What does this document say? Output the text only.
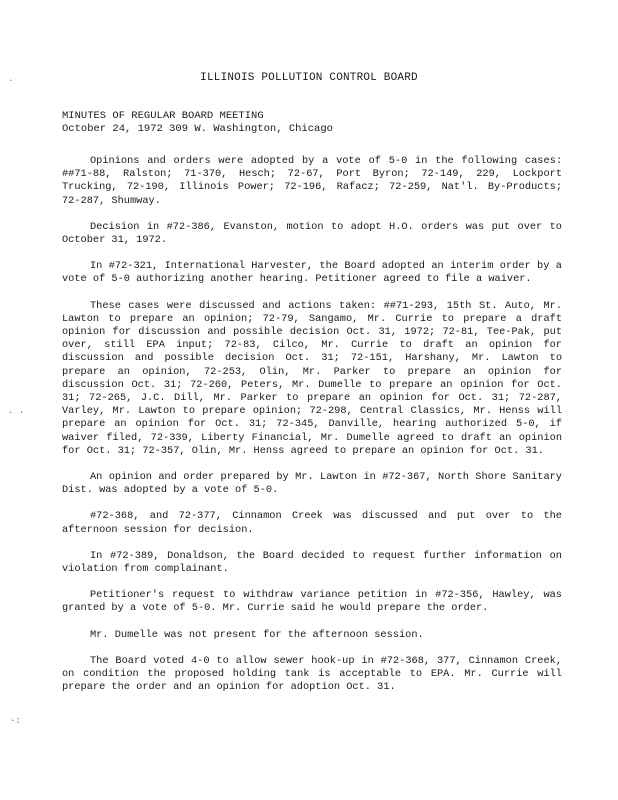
·
· ·
·:
ILLINOIS POLLUTION CONTROL BOARD
MINUTES OF REGULAR BOARD MEETING
October 24, 1972 309 W. Washington, Chicago

Opinions and orders were adopted by a vote of 5-0 in the following cases: ##71-88, Ralston; 71-370, Hesch; 72-67, Port Byron; 72-149, 229, Lockport Trucking, 72-190, Illinois Power; 72-196, Rafacz; 72-259, Nat'l. By-Products; 72-287, Shumway.

Decision in #72-386, Evanston, motion to adopt H.O. orders was put over to October 31, 1972.

In #72-321, International Harvester, the Board adopted an interim order by a vote of 5-0 authorizing another hearing. Petitioner agreed to file a waiver.

These cases were discussed and actions taken: ##71-293, 15th St. Auto, Mr. Lawton to prepare an opinion; 72-79, Sangamo, Mr. Currie to prepare a draft opinion for discussion and possible decision Oct. 31, 1972; 72-81, Tee-Pak, put over, still EPA input; 72-83, Cilco, Mr. Currie to draft an opinion for discussion and possible decision Oct. 31; 72-151, Harshany, Mr. Lawton to prepare an opinion, 72-253, Olin, Mr. Parker to prepare an opinion for discussion Oct. 31; 72-260, Peters, Mr. Dumelle to prepare an opinion for Oct. 31; 72-265, J.C. Dill, Mr. Parker to prepare an opinion for Oct. 31; 72-287, Varley, Mr. Lawton to prepare opinion; 72-298, Central Classics, Mr. Henss will prepare an opinion for Oct. 31; 72-345, Danville, hearing authorized 5-0, if waiver filed, 72-339, Liberty Financial, Mr. Dumelle agreed to draft an opinion for Oct. 31; 72-357, Olin, Mr. Henss agreed to prepare an opinion for Oct. 31.

An opinion and order prepared by Mr. Lawton in #72-367, North Shore Sanitary Dist. was adopted by a vote of 5-0.

#72-368, and 72-377, Cinnamon Creek was discussed and put over to the afternoon session for decision.

In #72-389, Donaldson, the Board decided to request further information on violation from complainant.

Petitioner's request to withdraw variance petition in #72-356, Hawley, was granted by a vote of 5-0. Mr. Currie said he would prepare the order.

Mr. Dumelle was not present for the afternoon session.

The Board voted 4-0 to allow sewer hook-up in #72-368, 377, Cinnamon Creek, on condition the proposed holding tank is acceptable to EPA. Mr. Currie will prepare the order and an opinion for adoption Oct. 31.
